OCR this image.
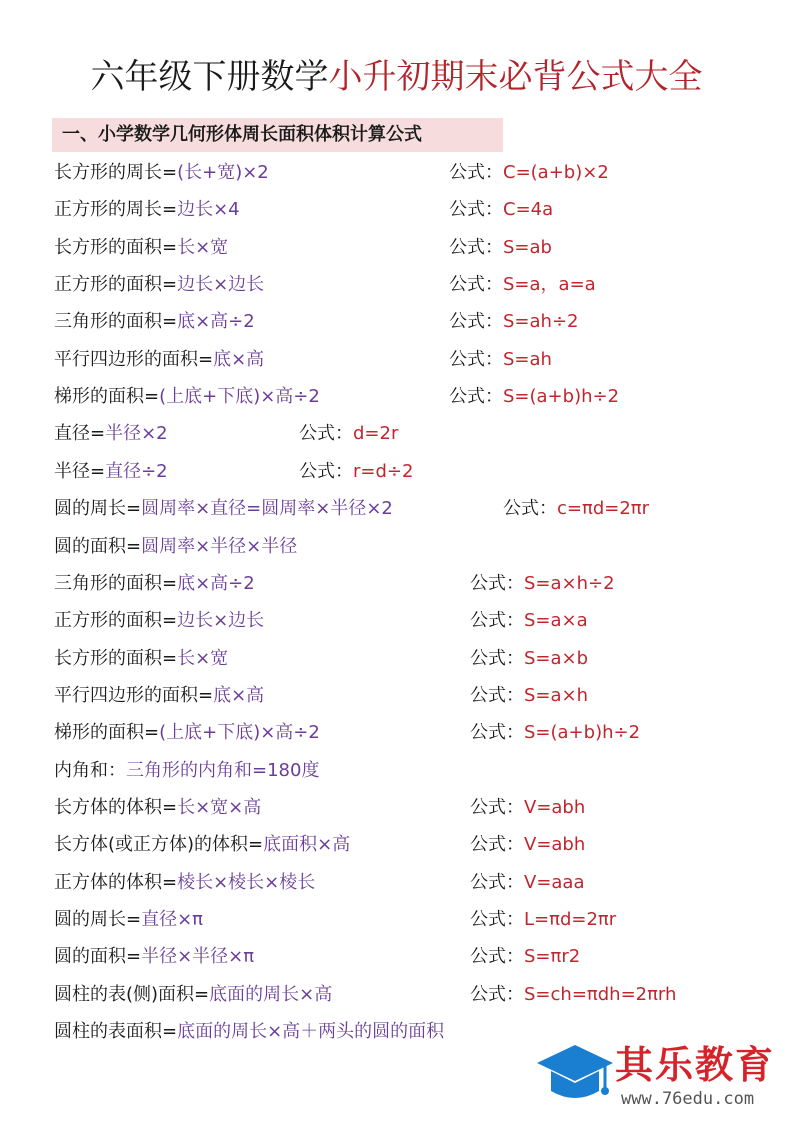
六年级下册数学小升初期末必背公式大全
一、小学数学几何形体周长面积体积计算公式
长方形的周长=(长+宽)×2	公式：C=(a+b)×2
正方形的周长=边长×4	公式：C=4a
长方形的面积=长×宽	公式：S=ab
正方形的面积=边长×边长	公式：S=a，a=a
三角形的面积=底×高÷2	公式：S=ah÷2
平行四边形的面积=底×高	公式：S=ah
梯形的面积=(上底+下底)×高÷2	公式：S=(a+b)h÷2
直径=半径×2	公式：d=2r
半径=直径÷2	公式：r=d÷2
圆的周长=圆周率×直径=圆周率×半径×2	公式：c=πd=2πr
圆的面积=圆周率×半径×半径
三角形的面积=底×高÷2	公式：S=a×h÷2
正方形的面积=边长×边长	公式：S=a×a
长方形的面积=长×宽	公式：S=a×b
平行四边形的面积=底×高	公式：S=a×h
梯形的面积=(上底+下底)×高÷2	公式：S=(a+b)h÷2
内角和：三角形的内角和=180度
长方体的体积=长×宽×高	公式：V=abh
长方体(或正方体)的体积=底面积×高	公式：V=abh
正方体的体积=棱长×棱长×棱长	公式：V=aaa
圆的周长=直径×π	公式：L=πd=2πr
圆的面积=半径×半径×π	公式：S=πr2
圆柱的表(侧)面积=底面的周长×高	公式：S=ch=πdh=2πrh
圆柱的表面积=底面的周长×高＋两头的圆的面积
其乐教育
www.76edu.com
